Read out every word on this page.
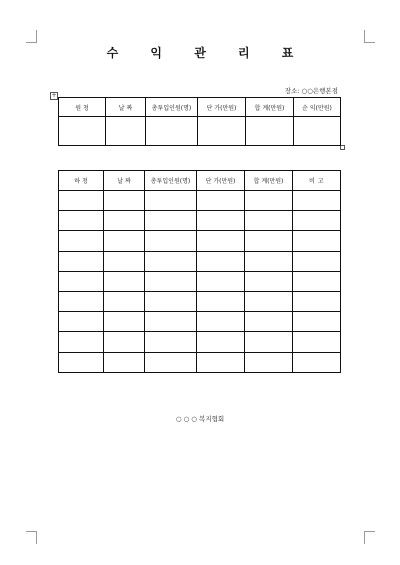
수 익 관 리 표
장소: ○○은행본점
+
원 청	날 짜	총투입인원(명)	단 가(만원)	합 계(만원)	순 익(만원)

하 청	날 짜	총투입인원(명)	단 가(만원)	합 계(만원)	비 고

○ ○ ○ 복지협회
